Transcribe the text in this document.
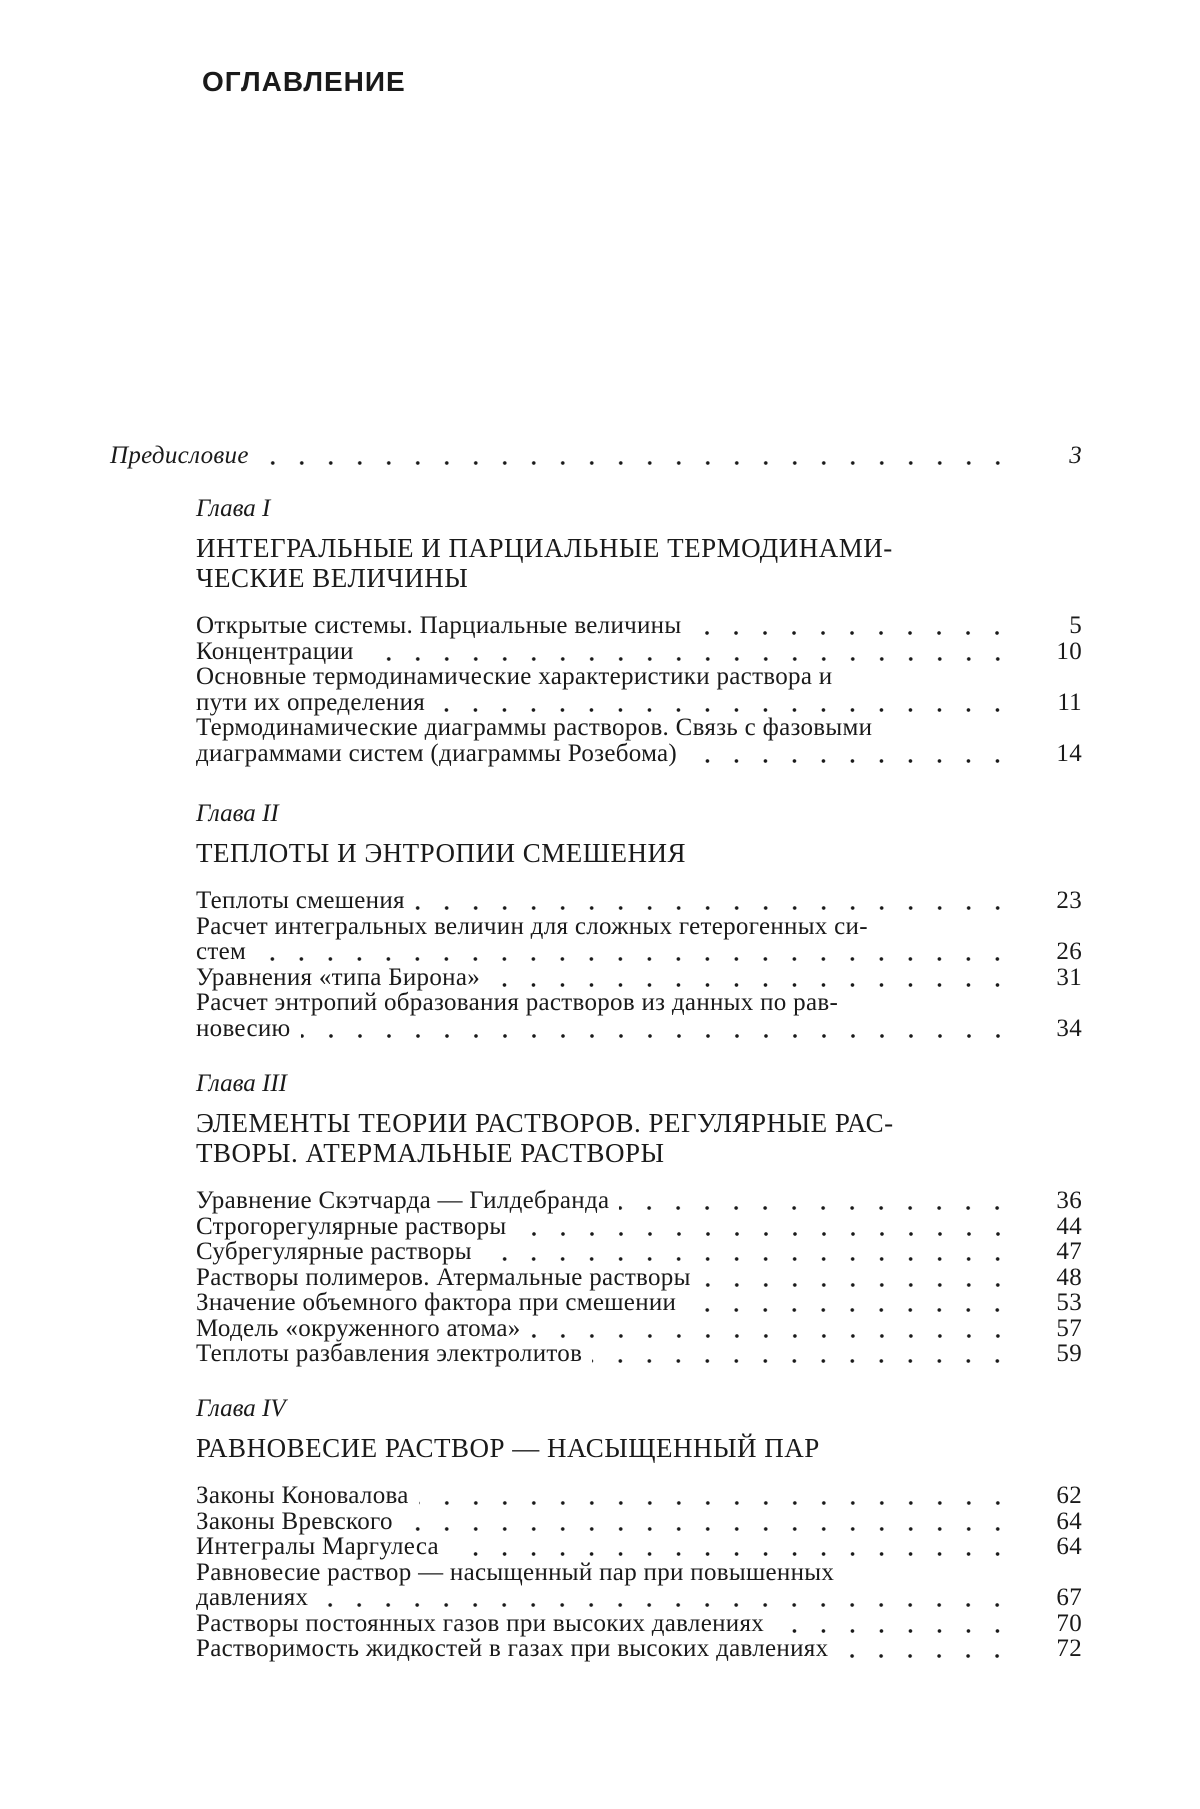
ОГЛАВЛЕНИЕ
Предисловие	3
Глава I
ИНТЕГРАЛЬНЫЕ И ПАРЦИАЛЬНЫЕ ТЕРМОДИНАМИ-
ЧЕСКИЕ ВЕЛИЧИНЫ
Открытые системы. Парциальные величины	5
Концентрации	10
Основные термодинамические характеристики раствора и
пути их определения	11
Термодинамические диаграммы растворов. Связь с фазовыми
диаграммами систем (диаграммы Розебома)	14
Глава II
ТЕПЛОТЫ И ЭНТРОПИИ СМЕШЕНИЯ
Теплоты смешения	23
Расчет интегральных величин для сложных гетерогенных си-
стем	26
Уравнения «типа Бирона»	31
Расчет энтропий образования растворов из данных по рав-
новесию	34
Глава III
ЭЛЕМЕНТЫ ТЕОРИИ РАСТВОРОВ. РЕГУЛЯРНЫЕ РАС-
ТВОРЫ. АТЕРМАЛЬНЫЕ РАСТВОРЫ
Уравнение Скэтчарда — Гилдебранда	36
Строгорегулярные растворы	44
Субрегулярные растворы	47
Растворы полимеров. Атермальные растворы	48
Значение объемного фактора при смешении	53
Модель «окруженного атома»	57
Теплоты разбавления электролитов	59
Глава IV
РАВНОВЕСИЕ РАСТВОР — НАСЫЩЕННЫЙ ПАР
Законы Коновалова	62
Законы Вревского	64
Интегралы Маргулеса	64
Равновесие раствор — насыщенный пар при повышенных
давлениях	67
Растворы постоянных газов при высоких давлениях	70
Растворимость жидкостей в газах при высоких давлениях	72
